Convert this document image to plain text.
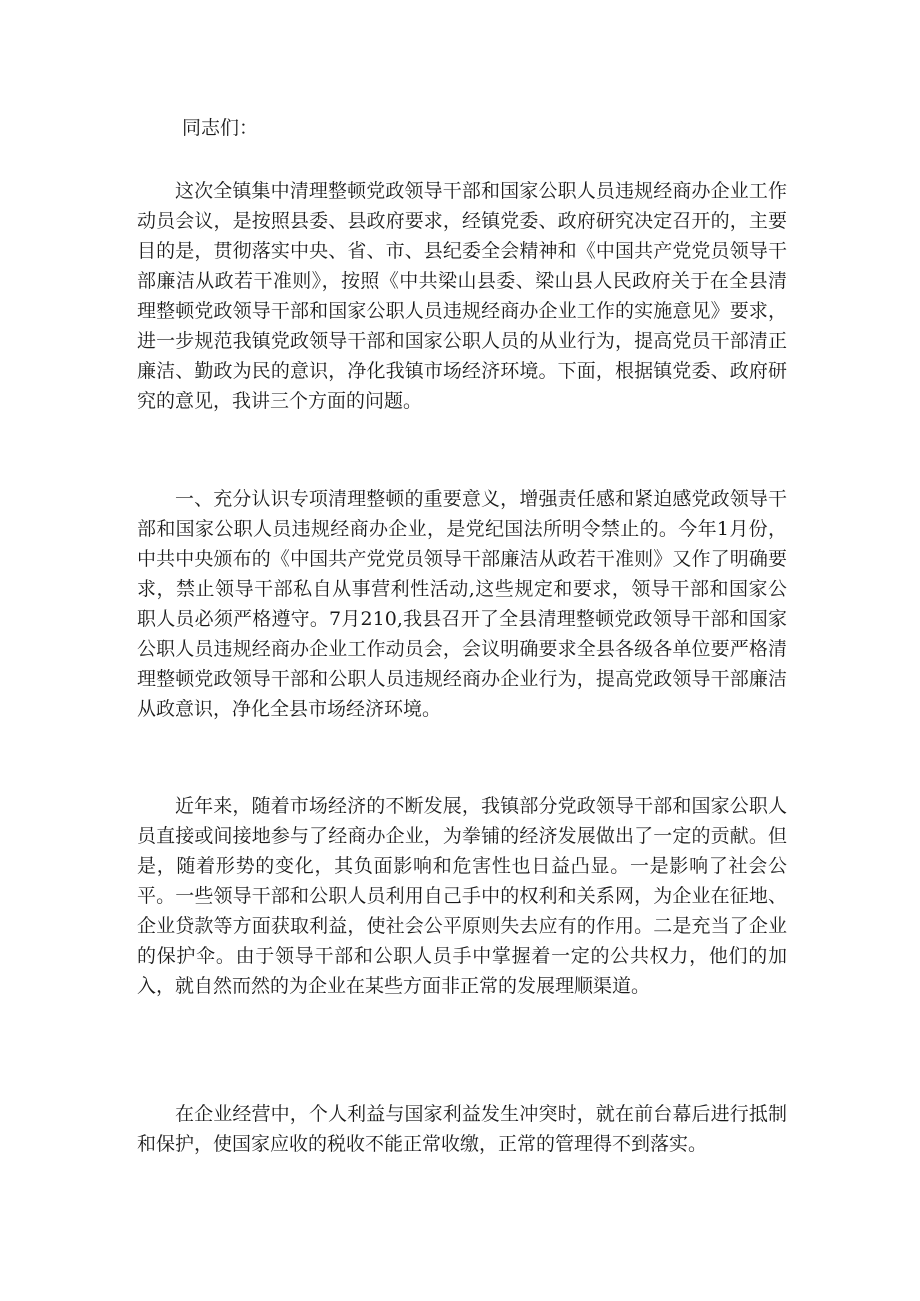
同志们：

这次全镇集中清理整顿党政领导干部和国家公职人员违规经商办企业工作动员会议，是按照县委、县政府要求，经镇党委、政府研究决定召开的，主要目的是，贯彻落实中央、省、市、县纪委全会精神和《中国共产党党员领导干部廉洁从政若干准则》，按照《中共梁山县委、梁山县人民政府关于在全县清理整顿党政领导干部和国家公职人员违规经商办企业工作的实施意见》要求，进一步规范我镇党政领导干部和国家公职人员的从业行为，提高党员干部清正廉洁、勤政为民的意识，净化我镇市场经济环境。下面，根据镇党委、政府研究的意见，我讲三个方面的问题。

一、充分认识专项清理整顿的重要意义，增强责任感和紧迫感党政领导干部和国家公职人员违规经商办企业，是党纪国法所明令禁止的。今年1月份，中共中央颁布的《中国共产党党员领导干部廉洁从政若干准则》又作了明确要求，禁止领导干部私自从事营利性活动,这些规定和要求，领导干部和国家公职人员必须严格遵守。7月210,我县召开了全县清理整顿党政领导干部和国家公职人员违规经商办企业工作动员会，会议明确要求全县各级各单位要严格清理整顿党政领导干部和公职人员违规经商办企业行为，提高党政领导干部廉洁从政意识，净化全县市场经济环境。

近年来，随着市场经济的不断发展，我镇部分党政领导干部和国家公职人员直接或间接地参与了经商办企业，为拳铺的经济发展做出了一定的贡献。但是，随着形势的变化，其负面影响和危害性也日益凸显。一是影响了社会公平。一些领导干部和公职人员利用自己手中的权利和关系网，为企业在征地、企业贷款等方面获取利益，使社会公平原则失去应有的作用。二是充当了企业的保护伞。由于领导干部和公职人员手中掌握着一定的公共权力，他们的加入，就自然而然的为企业在某些方面非正常的发展理顺渠道。

在企业经营中，个人利益与国家利益发生冲突时，就在前台幕后进行抵制和保护，使国家应收的税收不能正常收缴，正常的管理得不到落实。
